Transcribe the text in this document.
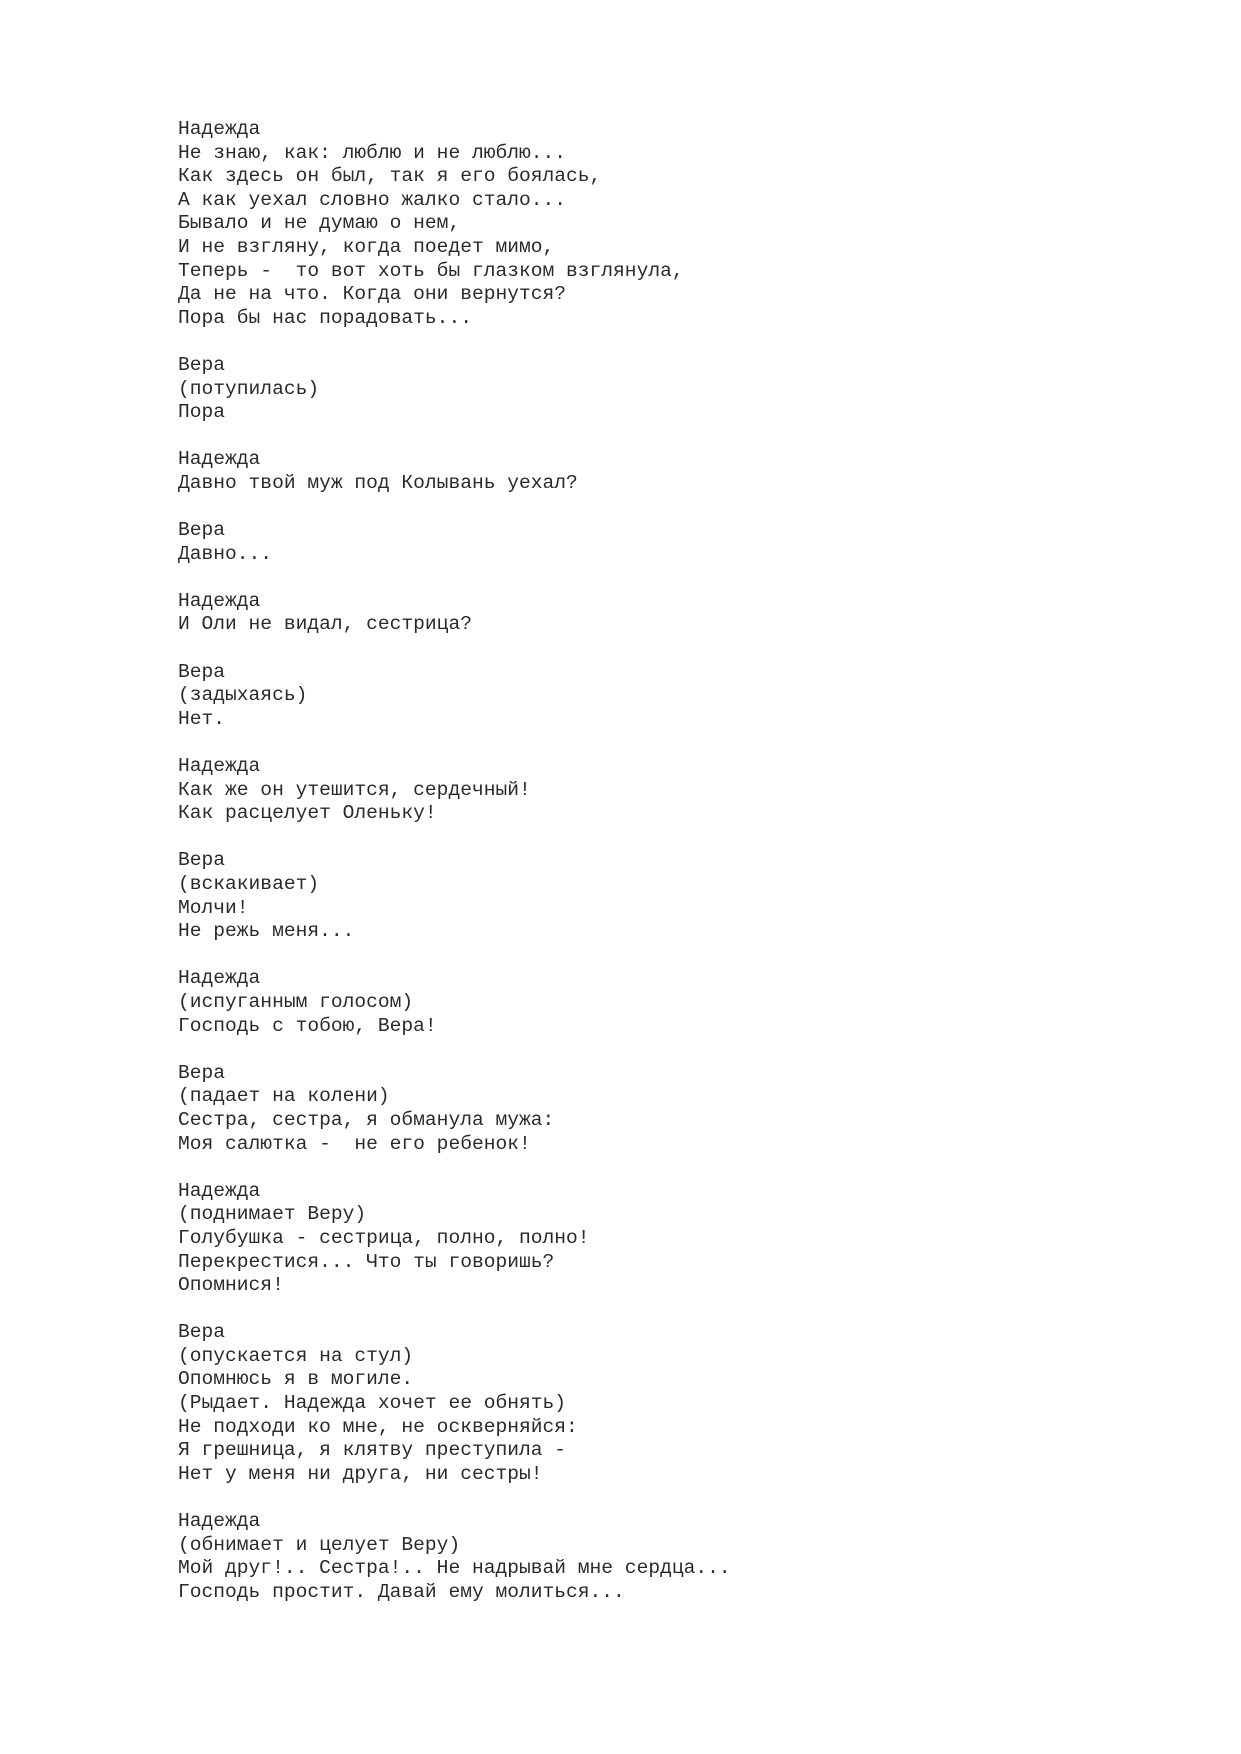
Надежда
Не знаю, как: люблю и не люблю...
Как здесь он был, так я его боялась,
А как уехал словно жалко стало...
Бывало и не думаю о нем,
И не взгляну, когда поедет мимо,
Теперь -  то вот хоть бы глазком взглянула,
Да не на что. Когда они вернутся?
Пора бы нас порадовать...
Вера
(потупилась)
Пора
Надежда
Давно твой муж под Колывань уехал?
Вера
Давно...
Надежда
И Оли не видал, сестрица?
Вера
(задыхаясь)
Нет.
Надежда
Как же он утешится, сердечный!
Как расцелует Оленьку!
Вера
(вскакивает)
Молчи!
Не режь меня...
Надежда
(испуганным голосом)
Господь с тобою, Вера!
Вера
(падает на колени)
Сестра, сестра, я обманула мужа:
Моя салютка -  не его ребенок!
Надежда
(поднимает Веру)
Голубушка - сестрица, полно, полно!
Перекрестися... Что ты говоришь?
Опомнися!
Вера
(опускается на стул)
Опомнюсь я в могиле.
(Рыдает. Надежда хочет ее обнять)
Не подходи ко мне, не оскверняйся:
Я грешница, я клятву преступила -
Нет у меня ни друга, ни сестры!
Надежда
(обнимает и целует Веру)
Мой друг!.. Сестра!.. Не надрывай мне сердца...
Господь простит. Давай ему молиться...
